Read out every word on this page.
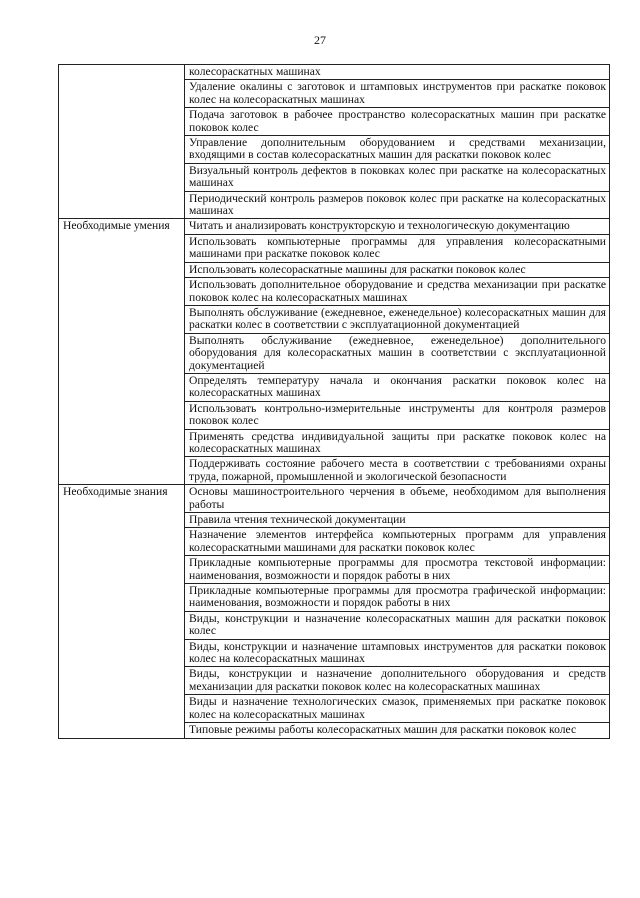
27
	колесораскатных машинах
	Удаление окалины с заготовок и штамповых инструментов при раскатке поковок колес на колесораскатных машинах
	Подача заготовок в рабочее пространство колесораскатных машин при раскатке поковок колес
	Управление дополнительным оборудованием и средствами механизации, входящими в состав колесораскатных машин для раскатки поковок колес
	Визуальный контроль дефектов в поковках колес при раскатке на колесораскатных машинах
	Периодический контроль размеров поковок колес при раскатке на колесораскатных машинах
Необходимые умения	Читать и анализировать конструкторскую и технологическую документацию
	Использовать компьютерные программы для управления колесораскатными машинами при раскатке поковок колес
	Использовать колесораскатные машины для раскатки поковок колес
	Использовать дополнительное оборудование и средства механизации при раскатке поковок колес на колесораскатных машинах
	Выполнять обслуживание (ежедневное, еженедельное) колесораскатных машин для раскатки колес в соответствии с эксплуатационной документацией
	Выполнять обслуживание (ежедневное, еженедельное) дополнительного оборудования для колесораскатных машин в соответствии с эксплуатационной документацией
	Определять температуру начала и окончания раскатки поковок колес на колесораскатных машинах
	Использовать контрольно-измерительные инструменты для контроля размеров поковок колес
	Применять средства индивидуальной защиты при раскатке поковок колес на колесораскатных машинах
	Поддерживать состояние рабочего места в соответствии с требованиями охраны труда, пожарной, промышленной и экологической безопасности
Необходимые знания	Основы машиностроительного черчения в объеме, необходимом для выполнения работы
	Правила чтения технической документации
	Назначение элементов интерфейса компьютерных программ для управления колесораскатными машинами для раскатки поковок колес
	Прикладные компьютерные программы для просмотра текстовой информации: наименования, возможности и порядок работы в них
	Прикладные компьютерные программы для просмотра графической информации: наименования, возможности и порядок работы в них
	Виды, конструкции и назначение колесораскатных машин для раскатки поковок колес
	Виды, конструкции и назначение штамповых инструментов для раскатки поковок колес на колесораскатных машинах
	Виды, конструкции и назначение дополнительного оборудования и средств механизации для раскатки поковок колес на колесораскатных машинах
	Виды и назначение технологических смазок, применяемых при раскатке поковок колес на колесораскатных машинах
	Типовые режимы работы колесораскатных машин для раскатки поковок колес
